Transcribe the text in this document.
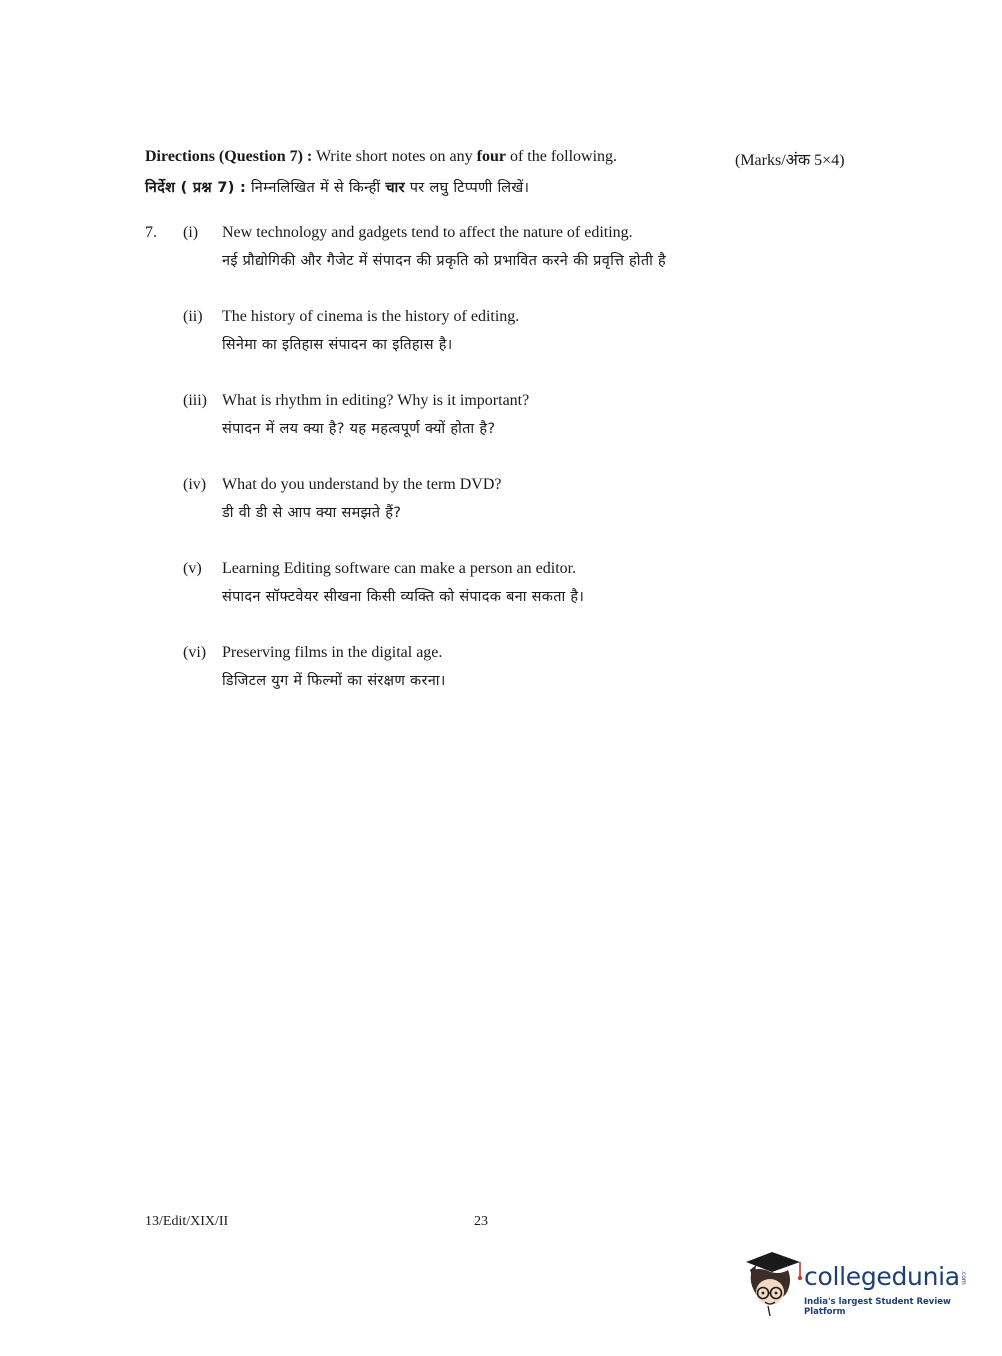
Directions (Question 7) : Write short notes on any four of the following.	(Marks/अंक 5×4)
निर्देश ( प्रश्न 7) : निम्नलिखित में से किन्हीं चार पर लघु टिप्पणी लिखें।
7. (i) New technology and gadgets tend to affect the nature of editing.
नई प्रौद्योगिकी और गैजेट में संपादन की प्रकृति को प्रभावित करने की प्रवृत्ति होती है
(ii) The history of cinema is the history of editing.
सिनेमा का इतिहास संपादन का इतिहास है।
(iii) What is rhythm in editing? Why is it important?
संपादन में लय क्या है? यह महत्वपूर्ण क्यों होता है?
(iv) What do you understand by the term DVD?
डी वी डी से आप क्या समझते हैं?
(v) Learning Editing software can make a person an editor.
संपादन सॉफ्टवेयर सीखना किसी व्यक्ति को संपादक बना सकता है।
(vi) Preserving films in the digital age.
डिजिटल युग में फिल्मों का संरक्षण करना।
13/Edit/XIX/II	23
collegedunia .com
India's largest Student Review Platform
